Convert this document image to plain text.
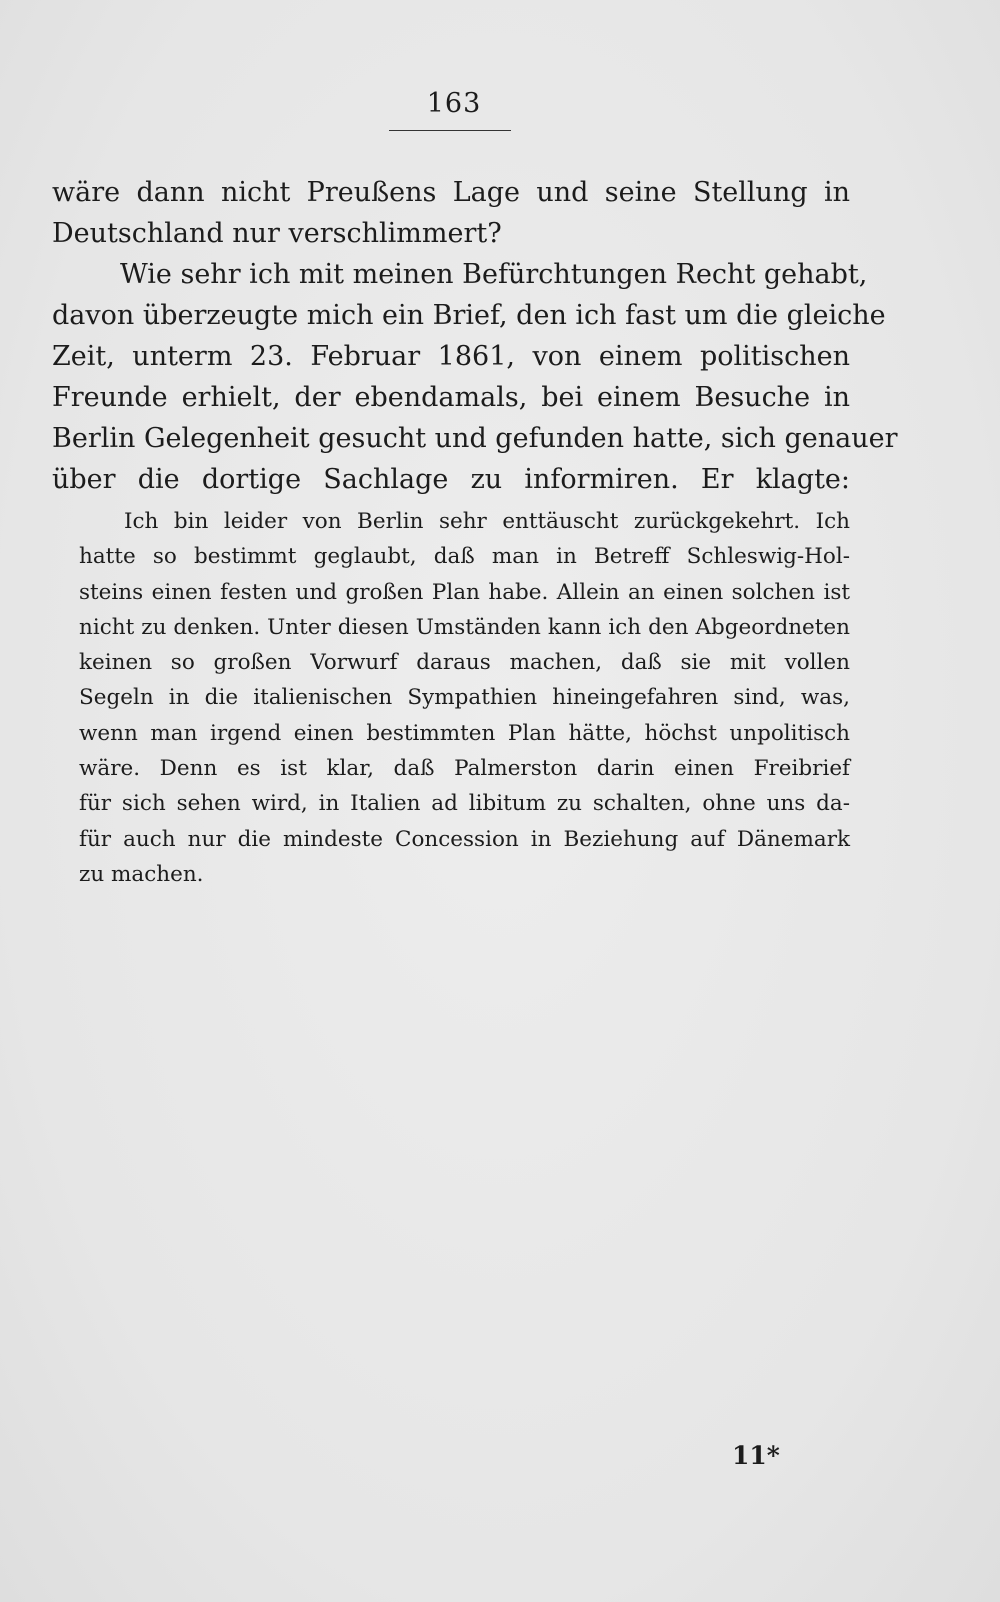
163
wäre dann nicht Preußens Lage und seine Stellung in
Deutschland nur verschlimmert?
Wie sehr ich mit meinen Befürchtungen Recht gehabt,
davon überzeugte mich ein Brief, den ich fast um die gleiche
Zeit, unterm 23. Februar 1861, von einem politischen
Freunde erhielt, der ebendamals, bei einem Besuche in
Berlin Gelegenheit gesucht und gefunden hatte, sich genauer
über die dortige Sachlage zu informiren. Er klagte:
Ich bin leider von Berlin sehr enttäuscht zurückgekehrt. Ich
hatte so bestimmt geglaubt, daß man in Betreff Schleswig-Hol-
steins einen festen und großen Plan habe. Allein an einen solchen ist
nicht zu denken. Unter diesen Umständen kann ich den Abgeordneten
keinen so großen Vorwurf daraus machen, daß sie mit vollen
Segeln in die italienischen Sympathien hineingefahren sind, was,
wenn man irgend einen bestimmten Plan hätte, höchst unpolitisch
wäre. Denn es ist klar, daß Palmerston darin einen Freibrief
für sich sehen wird, in Italien ad libitum zu schalten, ohne uns da-
für auch nur die mindeste Concession in Beziehung auf Dänemark
zu machen.
11*
